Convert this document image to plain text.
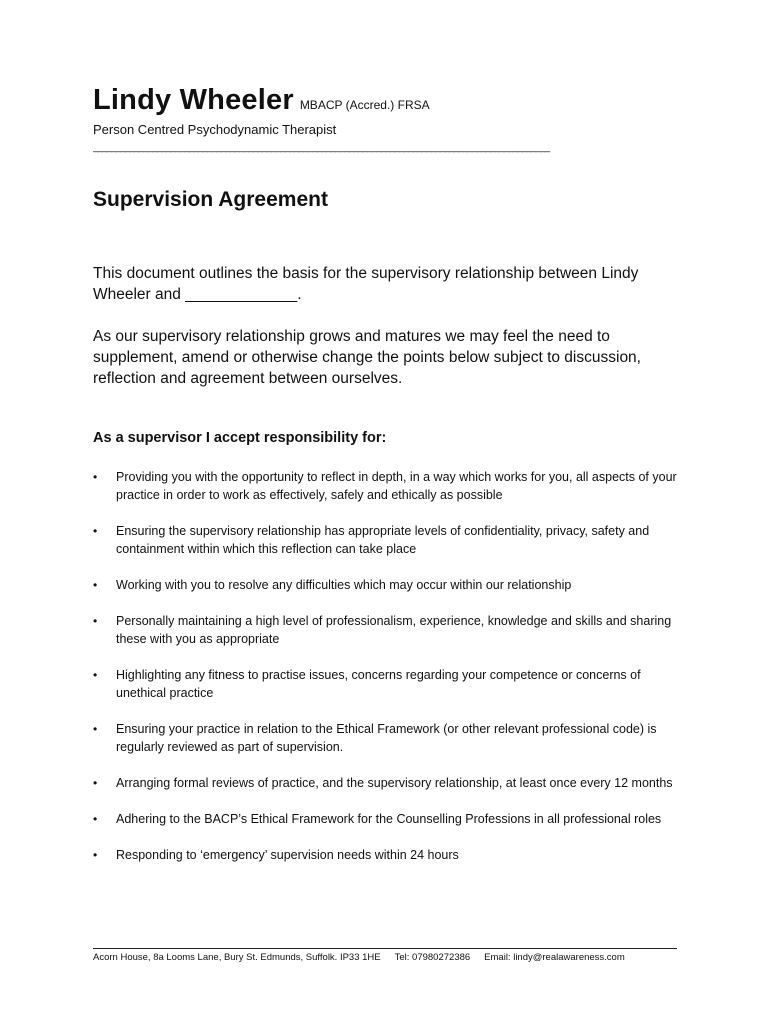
Lindy Wheeler MBACP (Accred.) FRSA
Person Centred Psychodynamic Therapist
____________________________________________________________________________________________________
Supervision Agreement
This document outlines the basis for the supervisory relationship between Lindy Wheeler and _____________.
As our supervisory relationship grows and matures we may feel the need to supplement, amend or otherwise change the points below subject to discussion, reflection and agreement between ourselves.
As a supervisor I accept responsibility for:
• Providing you with the opportunity to reflect in depth, in a way which works for you, all aspects of your practice in order to work as effectively, safely and ethically as possible
• Ensuring the supervisory relationship has appropriate levels of confidentiality, privacy, safety and containment within which this reflection can take place
• Working with you to resolve any difficulties which may occur within our relationship
• Personally maintaining a high level of professionalism, experience, knowledge and skills and sharing these with you as appropriate
• Highlighting any fitness to practise issues, concerns regarding your competence or concerns of unethical practice
• Ensuring your practice in relation to the Ethical Framework (or other relevant professional code) is regularly reviewed as part of supervision.
• Arranging formal reviews of practice, and the supervisory relationship, at least once every 12 months
• Adhering to the BACP’s Ethical Framework for the Counselling Professions in all professional roles
• Responding to ‘emergency’ supervision needs within 24 hours
Acorn House, 8a Looms Lane, Bury St. Edmunds, Suffolk. IP33 1HE Tel: 07980272386 Email: lindy@realawareness.com
